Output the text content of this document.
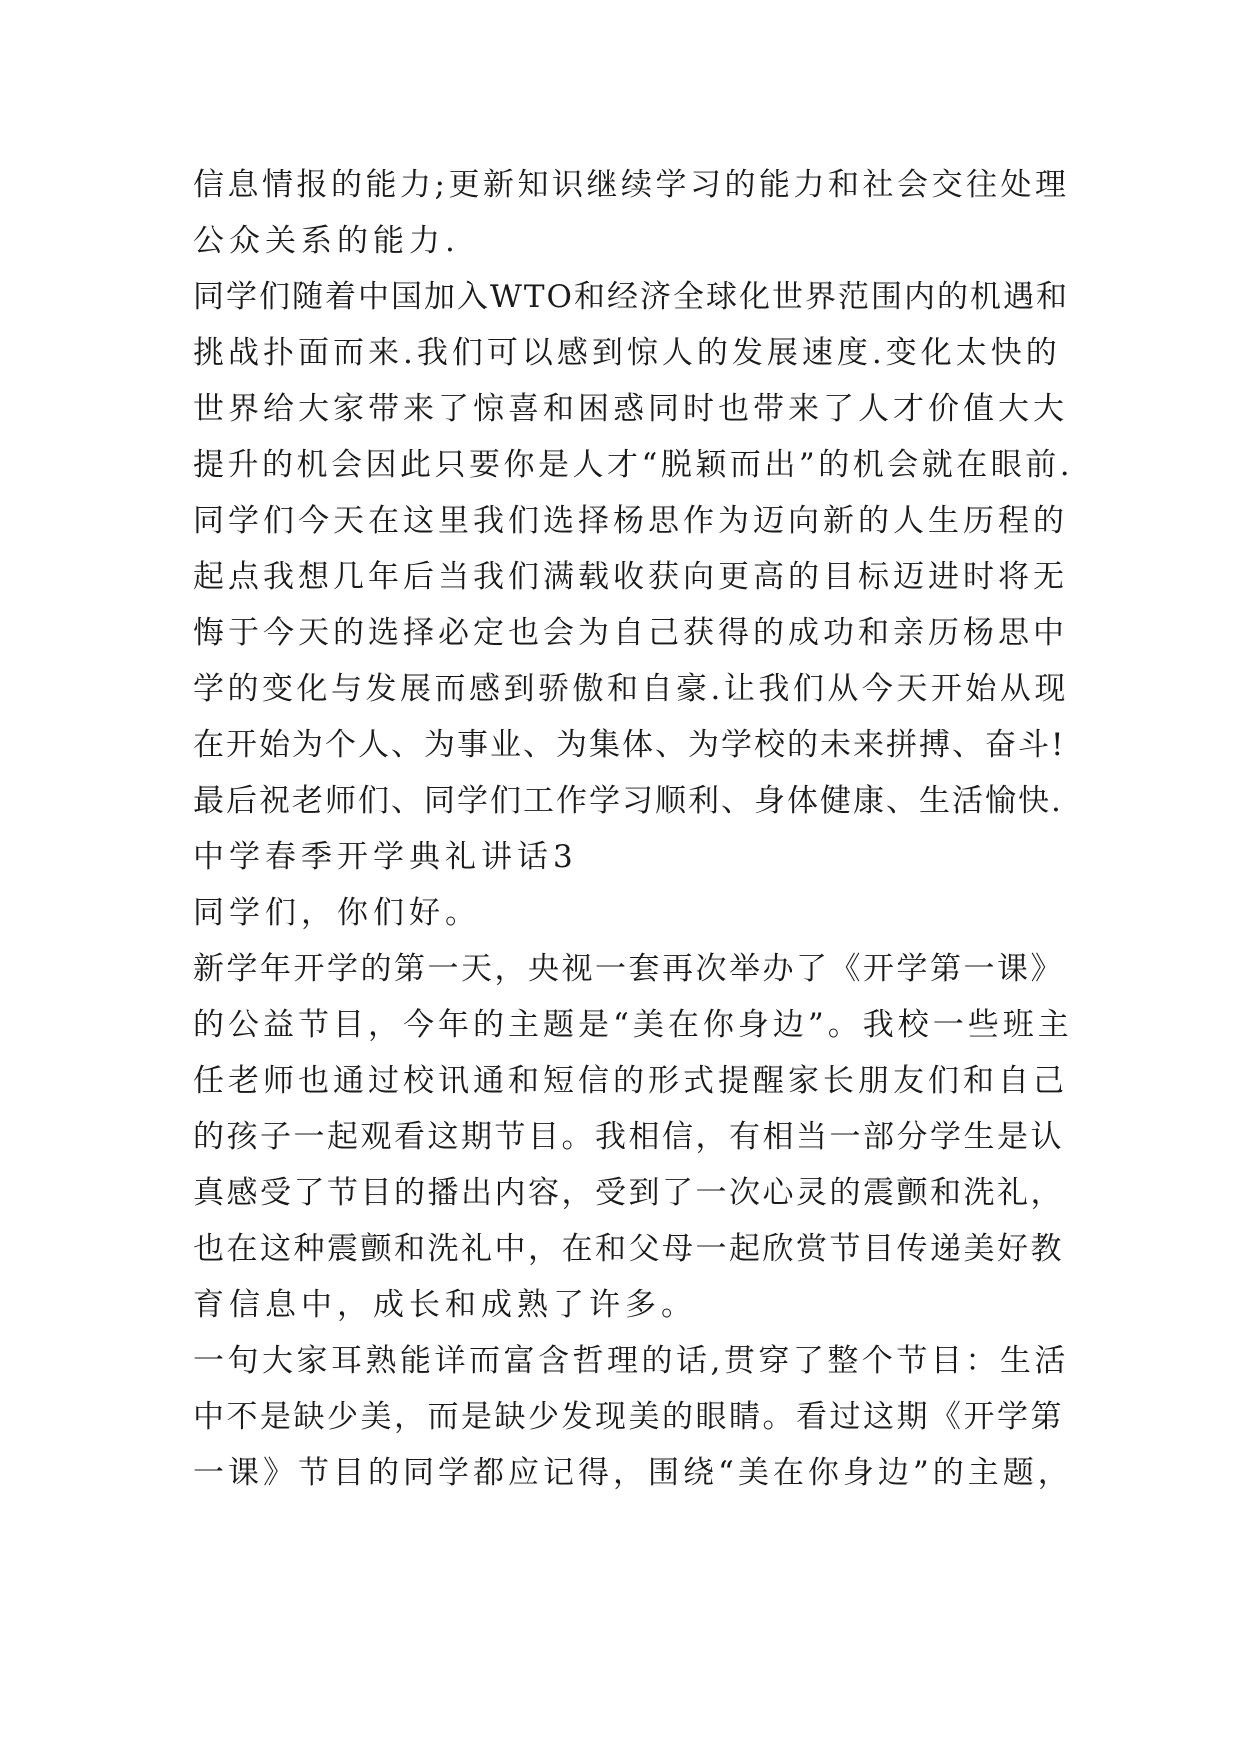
信息情报的能力;更新知识继续学习的能力和社会交往处理
公众关系的能力.
同学们随着中国加入WTO和经济全球化世界范围内的机遇和
挑战扑面而来.我们可以感到惊人的发展速度.变化太快的
世界给大家带来了惊喜和困惑同时也带来了人才价值大大
提升的机会因此只要你是人才“脱颖而出”的机会就在眼前.
同学们今天在这里我们选择杨思作为迈向新的人生历程的
起点我想几年后当我们满载收获向更高的目标迈进时将无
悔于今天的选择必定也会为自己获得的成功和亲历杨思中
学的变化与发展而感到骄傲和自豪.让我们从今天开始从现
在开始为个人、为事业、为集体、为学校的未来拼搏、奋斗!
最后祝老师们、同学们工作学习顺利、身体健康、生活愉快.
中学春季开学典礼讲话3
同学们，你们好。
新学年开学的第一天，央视一套再次举办了《开学第一课》
的公益节目，今年的主题是“美在你身边”。我校一些班主
任老师也通过校讯通和短信的形式提醒家长朋友们和自己
的孩子一起观看这期节目。我相信，有相当一部分学生是认
真感受了节目的播出内容，受到了一次心灵的震颤和洗礼，
也在这种震颤和洗礼中，在和父母一起欣赏节目传递美好教
育信息中，成长和成熟了许多。
一句大家耳熟能详而富含哲理的话,贯穿了整个节目：生活
中不是缺少美，而是缺少发现美的眼睛。看过这期《开学第
一课》节目的同学都应记得，围绕“美在你身边”的主题，
